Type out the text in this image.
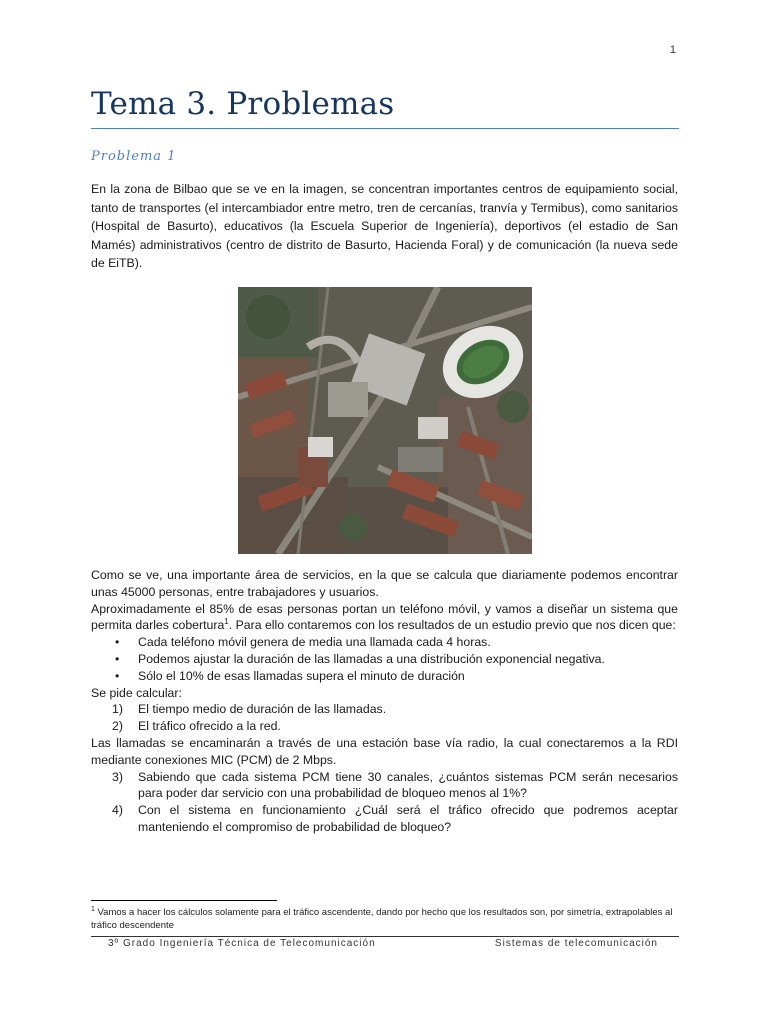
1
Tema 3. Problemas
Problema 1

En la zona de Bilbao que se ve en la imagen, se concentran importantes centros de equipamiento social, tanto de transportes (el intercambiador entre metro, tren de cercanías, tranvía y Termibus), como sanitarios (Hospital de Basurto), educativos (la Escuela Superior de Ingeniería), deportivos (el estadio de San Mamés) administrativos (centro de distrito de Basurto, Hacienda Foral) y de comunicación (la nueva sede de EiTB).

Como se ve, una importante área de servicios, en la que se calcula que diariamente podemos encontrar unas 45000 personas, entre trabajadores y usuarios.

Aproximadamente el 85% de esas personas portan un teléfono móvil, y vamos a diseñar un sistema que permita darles cobertura$^1$. Para ello contaremos con los resultados de un estudio previo que nos dicen que:

• Cada teléfono móvil genera de media una llamada cada 4 horas.
• Podemos ajustar la duración de las llamadas a una distribución exponencial negativa.
• Sólo el 10% de esas llamadas supera el minuto de duración

Se pide calcular:

1) El tiempo medio de duración de las llamadas.
2) El tráfico ofrecido a la red.

Las llamadas se encaminarán a través de una estación base vía radio, la cual conectaremos a la RDI mediante conexiones MIC (PCM) de 2 Mbps.

3) Sabiendo que cada sistema PCM tiene 30 canales, ¿cuántos sistemas PCM serán necesarios para poder dar servicio con una probabilidad de bloqueo menos al 1%?
4) Con el sistema en funcionamiento ¿Cuál será el tráfico ofrecido que podremos aceptar manteniendo el compromiso de probabilidad de bloqueo?
$^1$ Vamos a hacer los cálculos solamente para el tráfico ascendente, dando por hecho que los resultados son, por simetría, extrapolables al tráfico descendente
3º Grado Ingeniería Técnica de Telecomunicación	Sistemas de telecomunicación
